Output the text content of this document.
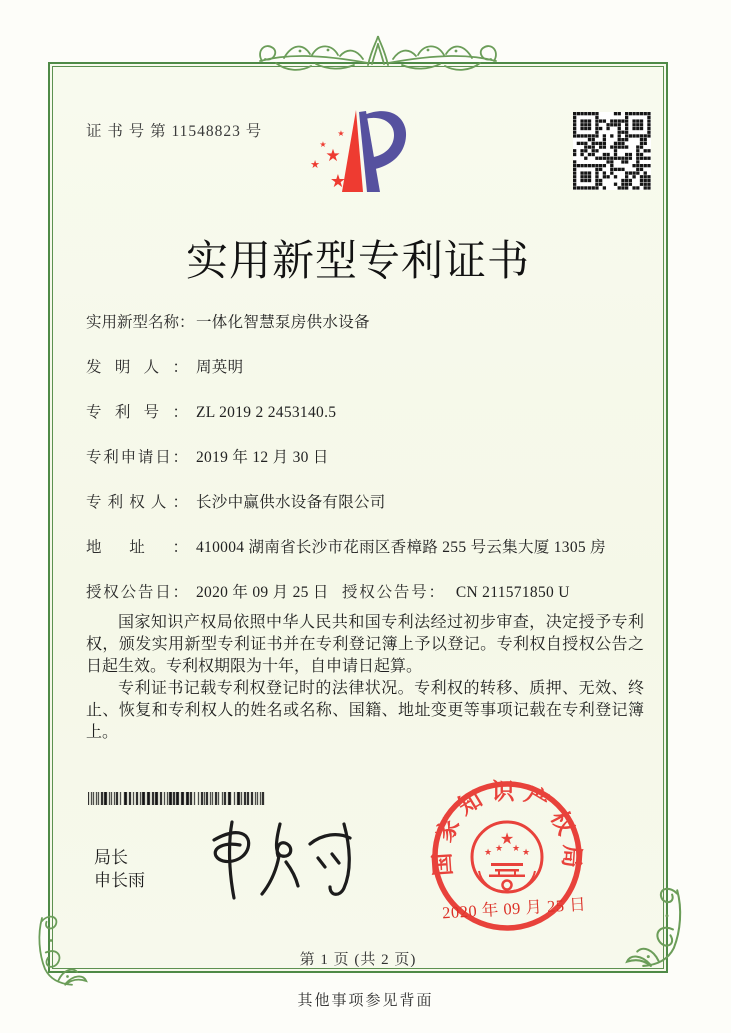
证 书 号 第 11548823 号
★
★
★
★
★
实用新型专利证书
实用新型名称： 一体化智慧泵房供水设备
发明人： 周英明
专利号： ZL 2019 2 2453140.5
专利申请日： 2019 年 12 月 30 日
专利权人： 长沙中赢供水设备有限公司
地址： 410004 湖南省长沙市花雨区香樟路 255 号云集大厦 1305 房
授权公告日： 2020 年 09 月 25 日 授权公告号： CN 211571850 U

国家知识产权局依照中华人民共和国专利法经过初步审查，决定授予专利权，颁发实用新型专利证书并在专利登记簿上予以登记。专利权自授权公告之日起生效。专利权期限为十年，自申请日起算。

专利证书记载专利权登记时的法律状况。专利权的转移、质押、无效、终止、恢复和专利权人的姓名或名称、国籍、地址变更等事项记载在专利登记簿上。

局长
申长雨
国家知识产权局
★
★ ★ ★ ★
2020 年 09 月 25 日
第 1 页 (共 2 页)
其他事项参见背面
